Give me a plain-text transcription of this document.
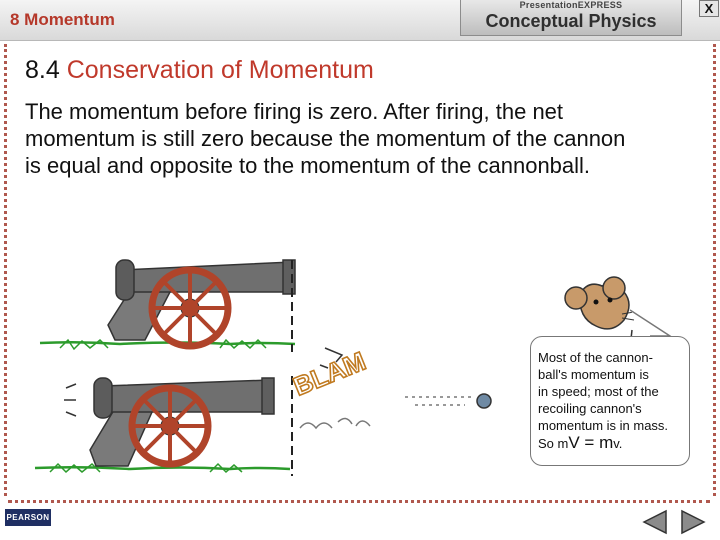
8 Momentum
PresentationEXPRESS
Conceptual Physics
X
8.4 Conservation of Momentum

The momentum before firing is zero. After firing, the net momentum is still zero because the momentum of the cannon is equal and opposite to the momentum of the cannonball.

BLAM	Most of the cannon-
ball's momentum is
in speed; most of the
recoiling cannon's
momentum is in mass.
So mV = mv.

PEARSON
